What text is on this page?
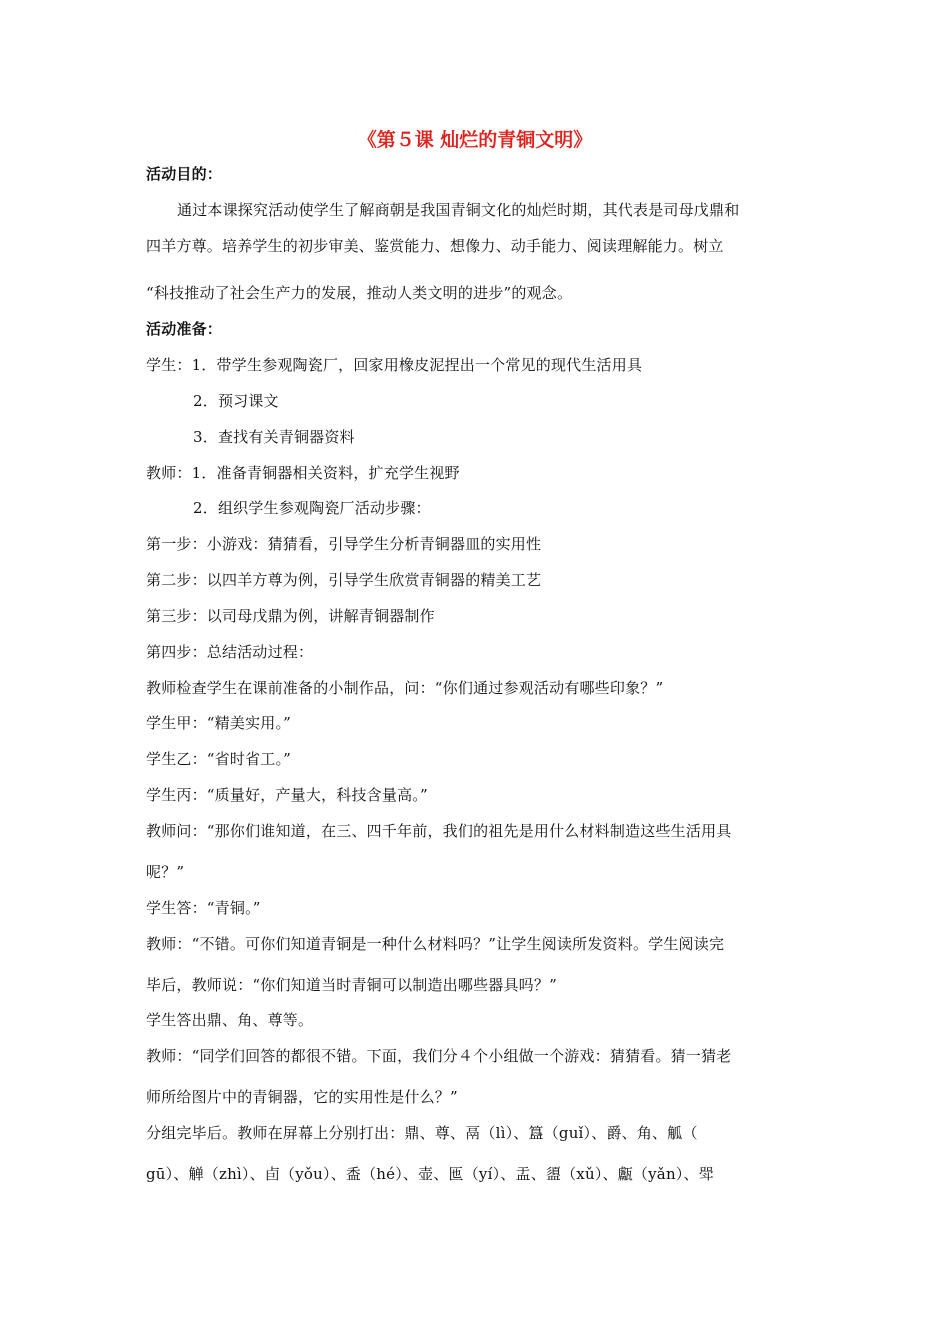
《第５课 灿烂的青铜文明》
活动目的：
通过本课探究活动使学生了解商朝是我国青铜文化的灿烂时期，其代表是司母戊鼎和
四羊方尊。培养学生的初步审美、鉴赏能力、想像力、动手能力、阅读理解能力。树立
“科技推动了社会生产力的发展，推动人类文明的进步”的观念。
活动准备：
学生：1．带学生参观陶瓷厂，回家用橡皮泥捏出一个常见的现代生活用具
2．预习课文
3．查找有关青铜器资料
教师：1．准备青铜器相关资料，扩充学生视野
2．组织学生参观陶瓷厂活动步骤：
第一步：小游戏：猜猜看，引导学生分析青铜器皿的实用性
第二步：以四羊方尊为例，引导学生欣赏青铜器的精美工艺
第三步：以司母戊鼎为例，讲解青铜器制作
第四步：总结活动过程：
教师检查学生在课前准备的小制作品，问：“你们通过参观活动有哪些印象？”
学生甲：“精美实用。”
学生乙：“省时省工。”
学生丙：“质量好，产量大，科技含量高。”
教师问：“那你们谁知道，在三、四千年前，我们的祖先是用什么材料制造这些生活用具
呢？”
学生答：“青铜。”
教师：“不错。可你们知道青铜是一种什么材料吗？”让学生阅读所发资料。学生阅读完
毕后，教师说：“你们知道当时青铜可以制造出哪些器具吗？”
学生答出鼎、角、尊等。
教师：“同学们回答的都很不错。下面，我们分４个小组做一个游戏：猜猜看。猜一猜老
师所给图片中的青铜器，它的实用性是什么？”
分组完毕后。教师在屏幕上分别打出：鼎、尊、鬲（lì）、簋（guǐ）、爵、角、觚（
gū）、觯（zhì）、卣（yǒu）、盉（hé）、壶、匜（yí）、盂、盨（xǔ）、甗（yǎn）、斝
